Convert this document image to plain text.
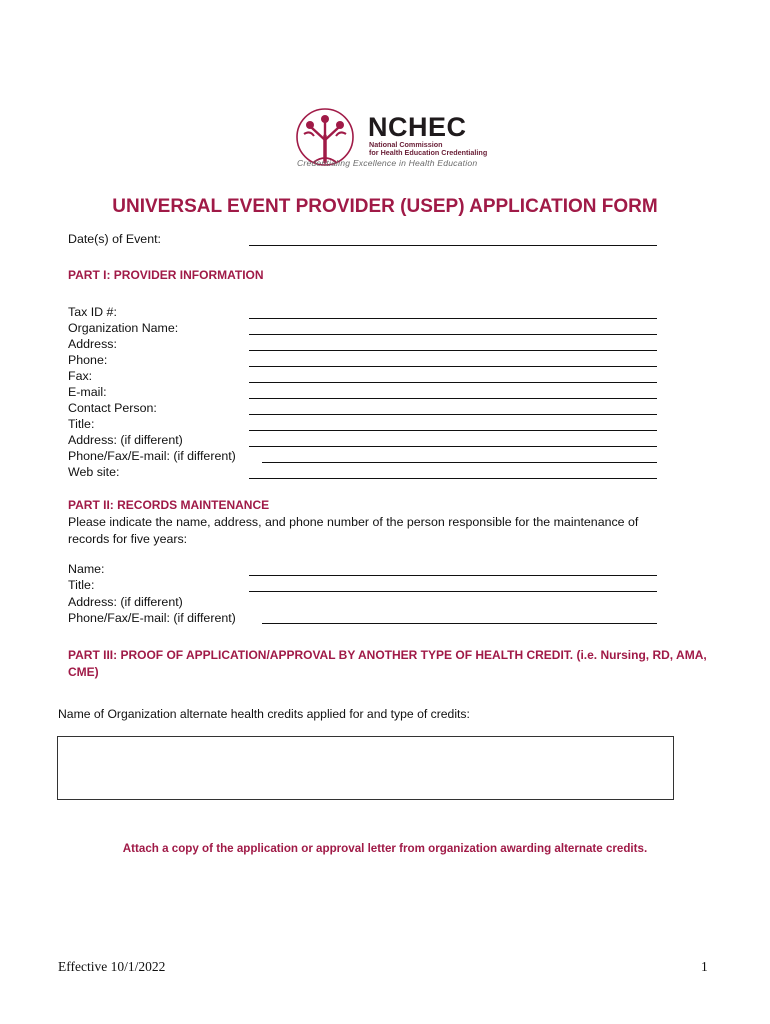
NCHEC
National Commission
for Health Education Credentialing
Credentialing Excellence in Health Education
UNIVERSAL EVENT PROVIDER (USEP) APPLICATION FORM
Date(s) of Event:
PART I: PROVIDER INFORMATION
Tax ID #:
Organization Name:
Address:
Phone:
Fax:
E-mail:
Contact Person:
Title:
Address: (if different)
Phone/Fax/E-mail: (if different)
Web site:
PART II: RECORDS MAINTENANCE
Please indicate the name, address, and phone number of the person responsible for the maintenance of records for five years:
Name:
Title:
Address: (if different)
Phone/Fax/E-mail: (if different)
PART III: PROOF OF APPLICATION/APPROVAL BY ANOTHER TYPE OF HEALTH CREDIT. (i.e. Nursing, RD, AMA, CME)
Name of Organization alternate health credits applied for and type of credits:
Attach a copy of the application or approval letter from organization awarding alternate credits.
Effective 10/1/2022	1
